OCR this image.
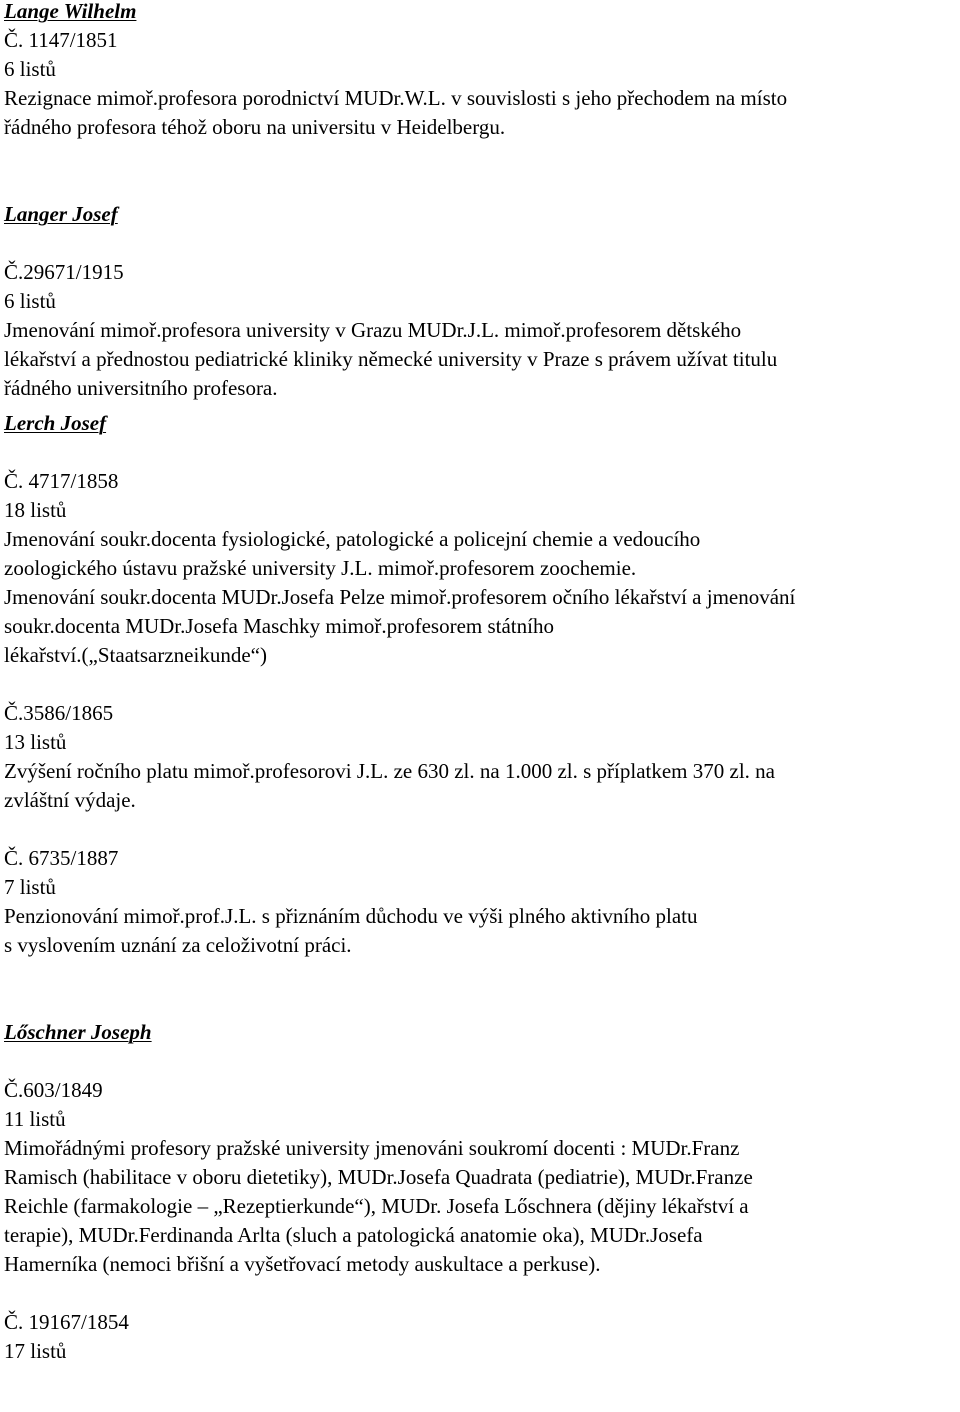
Lange Wilhelm
Č. 1147/1851
6 listů
Rezignace mimoř.profesora porodnictví MUDr.W.L. v souvislosti s jeho přechodem na místo
řádného profesora téhož oboru na universitu v Heidelbergu.
Langer Josef
Č.29671/1915
6 listů
Jmenování mimoř.profesora university v Grazu MUDr.J.L. mimoř.profesorem dětského
lékařství a přednostou pediatrické kliniky německé university v Praze s právem užívat titulu
řádného universitního profesora.
Lerch Josef
Č. 4717/1858
18 listů
Jmenování soukr.docenta fysiologické, patologické a policejní chemie a vedoucího
zoologického ústavu pražské university J.L. mimoř.profesorem zoochemie.
Jmenování soukr.docenta MUDr.Josefa Pelze mimoř.profesorem očního lékařství a jmenování
soukr.docenta MUDr.Josefa Maschky mimoř.profesorem státního
lékařství.(„Staatsarzneikunde“)
Č.3586/1865
13 listů
Zvýšení ročního platu mimoř.profesorovi J.L. ze 630 zl. na 1.000 zl. s příplatkem 370 zl. na
zvláštní výdaje.
Č. 6735/1887
7 listů
Penzionování mimoř.prof.J.L. s přiznáním důchodu ve výši plného aktivního platu
s vyslovením uznání za celoživotní práci.
Lőschner Joseph
Č.603/1849
11 listů
Mimořádnými profesory pražské university jmenováni soukromí docenti : MUDr.Franz
Ramisch (habilitace v oboru dietetiky), MUDr.Josefa Quadrata (pediatrie), MUDr.Franze
Reichle (farmakologie – „Rezeptierkunde“), MUDr. Josefa Lőschnera (dějiny lékařství a
terapie), MUDr.Ferdinanda Arlta (sluch a patologická anatomie oka), MUDr.Josefa
Hamerníka (nemoci břišní a vyšetřovací metody auskultace a perkuse).
Č. 19167/1854
17 listů
